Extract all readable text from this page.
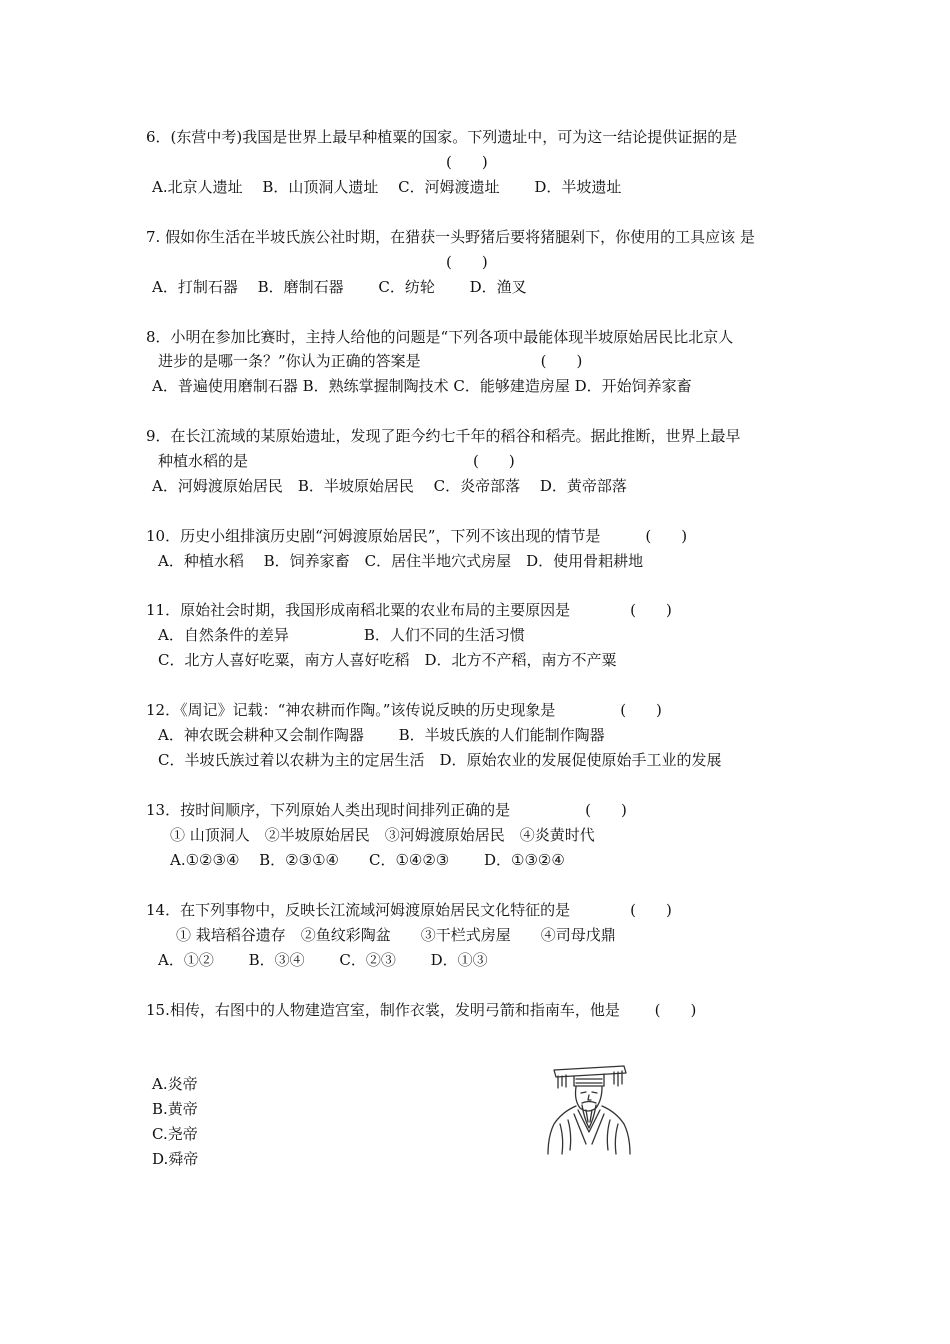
6．(东营中考)我国是世界上最早种植粟的国家。下列遗址中，可为这一结论提供证据的是
(　　)
A.北京人遗址　 B．山顶洞人遗址　 C．河姆渡遗址　　 D．半坡遗址
7. 假如你生活在半坡氏族公社时期，在猎获一头野猪后要将猪腿剁下，你使用的工具应该 是
(　　)
A．打制石器　 B．磨制石器　　 C．纺轮　　 D．渔叉
8．小明在参加比赛时，主持人给他的问题是“下列各项中最能体现半坡原始居民比北京人
进步的是哪一条？”你认为正确的答案是　　　　　　　　(　　)
A．普遍使用磨制石器 B．熟练掌握制陶技术 C．能够建造房屋 D．开始饲养家畜
9．在长江流域的某原始遗址，发现了距今约七千年的稻谷和稻壳。据此推断，世界上最早
种植水稻的是　　　　　　　　　　　　　　　(　　)
A．河姆渡原始居民　B．半坡原始居民　 C．炎帝部落　 D．黄帝部落
10．历史小组排演历史剧“河姆渡原始居民”，下列不该出现的情节是　　　(　　)
A．种植水稻　 B．饲养家畜　C．居住半地穴式房屋　D．使用骨耜耕地
11．原始社会时期，我国形成南稻北粟的农业布局的主要原因是　　　　(　　)
A．自然条件的差异　　　　　B．人们不同的生活习惯
C．北方人喜好吃粟，南方人喜好吃稻　D．北方不产稻，南方不产粟
12．《周记》记载：“神农耕而作陶。”该传说反映的历史现象是　　　　 (　　)
A．神农既会耕种又会制作陶器　　 B．半坡氏族的人们能制作陶器
C．半坡氏族过着以农耕为主的定居生活　D．原始农业的发展促使原始手工业的发展
13．按时间顺序，下列原始人类出现时间排列正确的是　　　　　(　　)
① 山顶洞人　②半坡原始居民　③河姆渡原始居民　④炎黄时代
A.①②③④　 B．②③①④　　C．①④②③　　 D．①③②④
14．在下列事物中，反映长江流域河姆渡原始居民文化特征的是　　　　(　　)
① 栽培稻谷遗存　②鱼纹彩陶盆　　③干栏式房屋　　④司母戊鼎
A．①②　　 B．③④　　 C．②③　　 D．①③
15.相传，右图中的人物建造宫室，制作衣裳，发明弓箭和指南车，他是　　 (　　)
A.炎帝
B.黄帝
C.尧帝
D.舜帝
